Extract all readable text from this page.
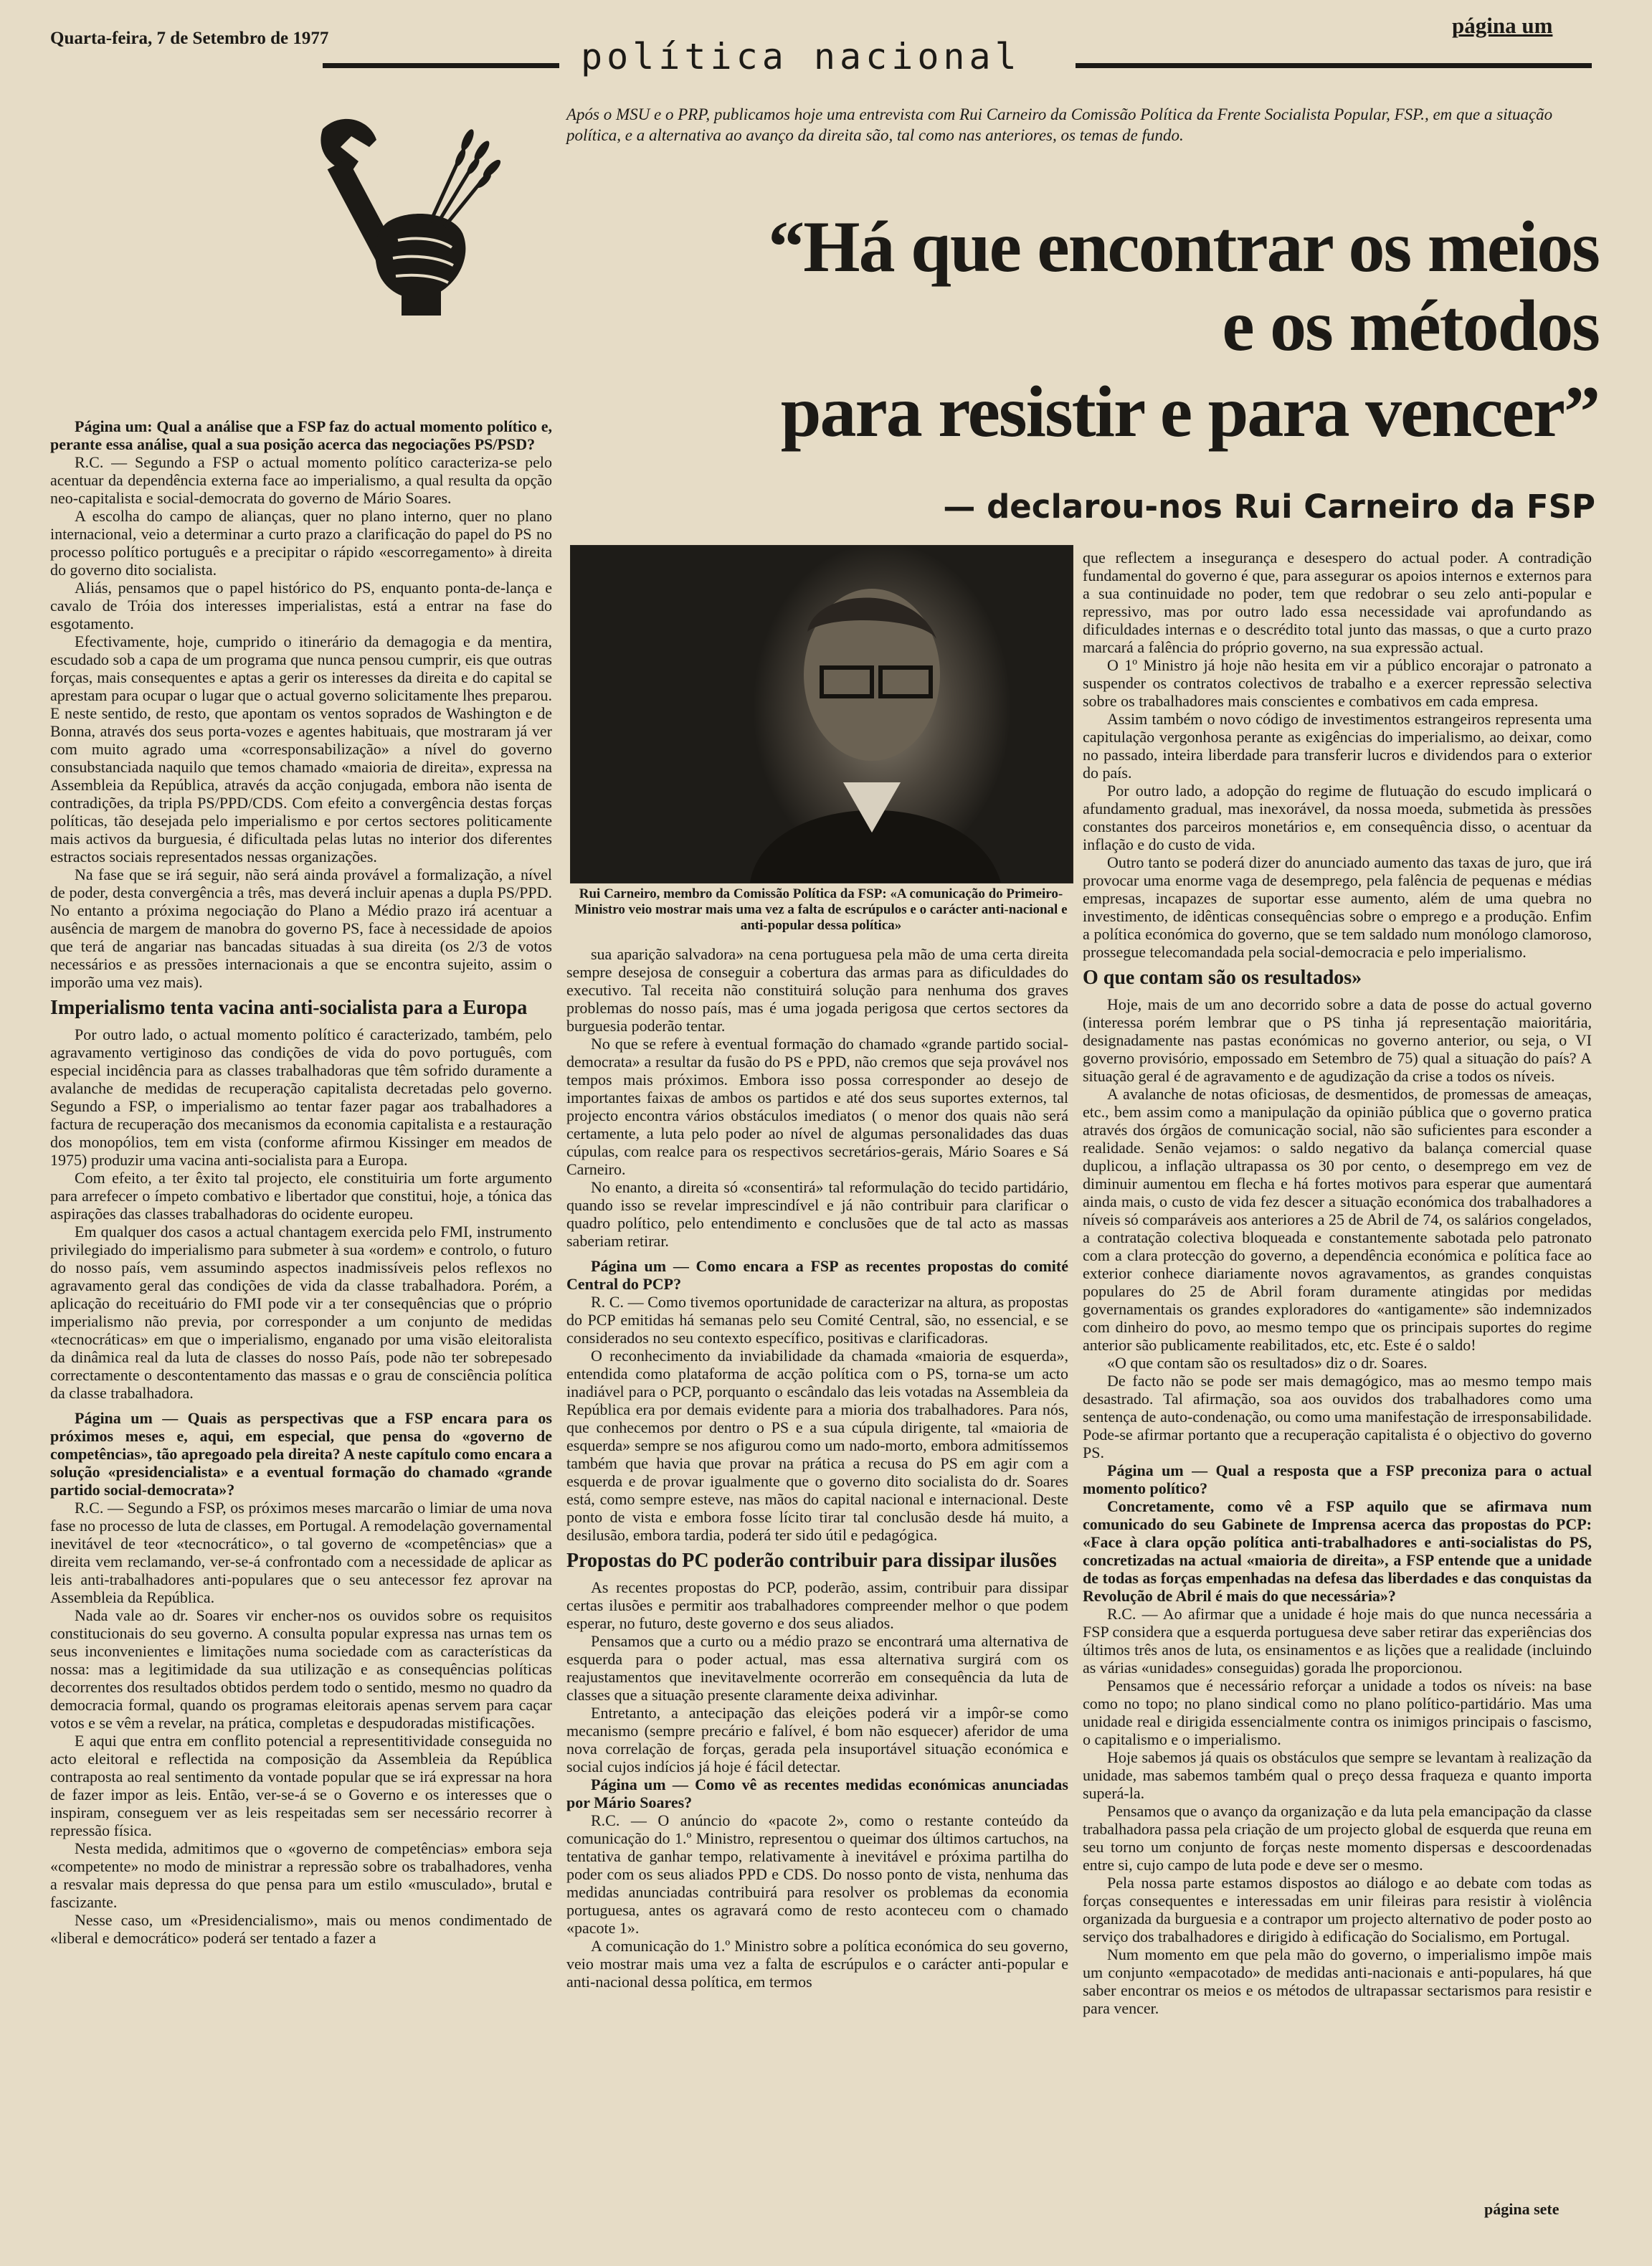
Quarta-feira, 7 de Setembro de 1977	política nacional
página um
Após o MSU e o PRP, publicamos hoje uma entrevista com Rui Carneiro da Comissão Política da Frente Socialista Popular, FSP., em que a situação política, e a alternativa ao avanço da direita são, tal como nas anteriores, os temas de fundo.
“Há que encontrar os meios
e os métodos
para resistir e para vencer”
— declarou-nos Rui Carneiro da FSP
Rui Carneiro, membro da Comissão Política da FSP: «A comunicação do Primeiro-Ministro veio mostrar mais uma vez a falta de escrúpulos e o carácter anti-nacional e anti-popular dessa política»

Página um: Qual a análise que a FSP faz do actual momento político e, perante essa análise, qual a sua posição acerca das negociações PS/PSD?

R.C. — Segundo a FSP o actual momento político caracteriza-se pelo acentuar da dependência externa face ao imperialismo, a qual resulta da opção neo-capitalista e social-democrata do governo de Mário Soares.

A escolha do campo de alianças, quer no plano interno, quer no plano internacional, veio a determinar a curto prazo a clarificação do papel do PS no processo político português e a precipitar o rápido «escorregamento» à direita do governo dito socialista.

Aliás, pensamos que o papel histórico do PS, enquanto ponta-de-lança e cavalo de Tróia dos interesses imperialistas, está a entrar na fase do esgotamento.

Efectivamente, hoje, cumprido o itinerário da demagogia e da mentira, escudado sob a capa de um programa que nunca pensou cumprir, eis que outras forças, mais consequentes e aptas a gerir os interesses da direita e do capital se aprestam para ocupar o lugar que o actual governo solicitamente lhes preparou. E neste sentido, de resto, que apontam os ventos soprados de Washington e de Bonna, através dos seus porta-vozes e agentes habituais, que mostraram já ver com muito agrado uma «corresponsabilização» a nível do governo consubstanciada naquilo que temos chamado «maioria de direita», expressa na Assembleia da República, através da acção conjugada, embora não isenta de contradições, da tripla PS/PPD/CDS. Com efeito a convergência destas forças políticas, tão desejada pelo imperialismo e por certos sectores politicamente mais activos da burguesia, é dificultada pelas lutas no interior dos diferentes estractos sociais representados nessas organizações.

Na fase que se irá seguir, não será ainda provável a formalização, a nível de poder, desta convergência a três, mas deverá incluir apenas a dupla PS/PPD. No entanto a próxima negociação do Plano a Médio prazo irá acentuar a ausência de margem de manobra do governo PS, face à necessidade de apoios que terá de angariar nas bancadas situadas à sua direita (os 2/3 de votos necessários e as pressões internacionais a que se encontra sujeito, assim o imporão uma vez mais).

Imperialismo tenta vacina anti-socialista para a Europa

Por outro lado, o actual momento político é caracterizado, também, pelo agravamento vertiginoso das condições de vida do povo português, com especial incidência para as classes trabalhadoras que têm sofrido duramente a avalanche de medidas de recuperação capitalista decretadas pelo governo. Segundo a FSP, o imperialismo ao tentar fazer pagar aos trabalhadores a factura de recuperação dos mecanismos da economia capitalista e a restauração dos monopólios, tem em vista (conforme afirmou Kissinger em meados de 1975) produzir uma vacina anti-socialista para a Europa.

Com efeito, a ter êxito tal projecto, ele constituiria um forte argumento para arrefecer o ímpeto combativo e libertador que constitui, hoje, a tónica das aspirações das classes trabalhadoras do ocidente europeu.

Em qualquer dos casos a actual chantagem exercida pelo FMI, instrumento privilegiado do imperialismo para submeter à sua «ordem» e controlo, o futuro do nosso país, vem assumindo aspectos inadmissíveis pelos reflexos no agravamento geral das condições de vida da classe trabalhadora. Porém, a aplicação do receituário do FMI pode vir a ter consequências que o próprio imperialismo não previa, por corresponder a um conjunto de medidas «tecnocráticas» em que o imperialismo, enganado por uma visão eleitoralista da dinâmica real da luta de classes do nosso País, pode não ter sobrepesado correctamente o descontentamento das massas e o grau de consciência política da classe trabalhadora.

Página um — Quais as perspectivas que a FSP encara para os próximos meses e, aqui, em especial, que pensa do «governo de competências», tão apregoado pela direita? A neste capítulo como encara a solução «presidencialista» e a eventual formação do chamado «grande partido social-democrata»?

R.C. — Segundo a FSP, os próximos meses marcarão o limiar de uma nova fase no processo de luta de classes, em Portugal. A remodelação governamental inevitável de teor «tecnocrático», o tal governo de «competências» que a direita vem reclamando, ver-se-á confrontado com a necessidade de aplicar as leis anti-trabalhadores anti-populares que o seu antecessor fez aprovar na Assembleia da República.

Nada vale ao dr. Soares vir encher-nos os ouvidos sobre os requisitos constitucionais do seu governo. A consulta popular expressa nas urnas tem os seus inconvenientes e limitações numa sociedade com as características da nossa: mas a legitimidade da sua utilização e as consequências políticas decorrentes dos resultados obtidos perdem todo o sentido, mesmo no quadro da democracia formal, quando os programas eleitorais apenas servem para caçar votos e se vêm a revelar, na prática, completas e despudoradas mistificações.

E aqui que entra em conflito potencial a representitividade conseguida no acto eleitoral e reflectida na composição da Assembleia da República contraposta ao real sentimento da vontade popular que se irá expressar na hora de fazer impor as leis. Então, ver-se-á se o Governo e os interesses que o inspiram, conseguem ver as leis respeitadas sem ser necessário recorrer à repressão física.

Nesta medida, admitimos que o «governo de competências» embora seja «competente» no modo de ministrar a repressão sobre os trabalhadores, venha a resvalar mais depressa do que pensa para um estilo «musculado», brutal e fascizante.

Nesse caso, um «Presidencialismo», mais ou menos condimentado de «liberal e democrático» poderá ser tentado a fazer a

sua aparição salvadora» na cena portuguesa pela mão de uma certa direita sempre desejosa de conseguir a cobertura das armas para as dificuldades do executivo. Tal receita não constituirá solução para nenhuma dos graves problemas do nosso país, mas é uma jogada perigosa que certos sectores da burguesia poderão tentar.

No que se refere à eventual formação do chamado «grande partido social-democrata» a resultar da fusão do PS e PPD, não cremos que seja provável nos tempos mais próximos. Embora isso possa corresponder ao desejo de importantes faixas de ambos os partidos e até dos seus suportes externos, tal projecto encontra vários obstáculos imediatos ( o menor dos quais não será certamente, a luta pelo poder ao nível de algumas personalidades das duas cúpulas, com realce para os respectivos secretários-gerais, Mário Soares e Sá Carneiro.

No enanto, a direita só «consentirá» tal reformulação do tecido partidário, quando isso se revelar imprescindível e já não contribuir para clarificar o quadro político, pelo entendimento e conclusões que de tal acto as massas saberiam retirar.

Página um — Como encara a FSP as recentes propostas do comité Central do PCP?

R. C. — Como tivemos oportunidade de caracterizar na altura, as propostas do PCP emitidas há semanas pelo seu Comité Central, são, no essencial, e se considerados no seu contexto específico, positivas e clarificadoras.

O reconhecimento da inviabilidade da chamada «maioria de esquerda», entendida como plataforma de acção política com o PS, torna-se um acto inadiável para o PCP, porquanto o escândalo das leis votadas na Assembleia da República era por demais evidente para a mioria dos trabalhadores. Para nós, que conhecemos por dentro o PS e a sua cúpula dirigente, tal «maioria de esquerda» sempre se nos afigurou como um nado-morto, embora admitíssemos também que havia que provar na prática a recusa do PS em agir com a esquerda e de provar igualmente que o governo dito socialista do dr. Soares está, como sempre esteve, nas mãos do capital nacional e internacional. Deste ponto de vista e embora fosse lícito tirar tal conclusão desde há muito, a desilusão, embora tardia, poderá ter sido útil e pedagógica.

Propostas do PC poderão contribuir para dissipar ilusões

As recentes propostas do PCP, poderão, assim, contribuir para dissipar certas ilusões e permitir aos trabalhadores compreender melhor o que podem esperar, no futuro, deste governo e dos seus aliados.

Pensamos que a curto ou a médio prazo se encontrará uma alternativa de esquerda para o poder actual, mas essa alternativa surgirá com os reajustamentos que inevitavelmente ocorrerão em consequência da luta de classes que a situação presente claramente deixa adivinhar.

Entretanto, a antecipação das eleições poderá vir a impôr-se como mecanismo (sempre precário e falível, é bom não esquecer) aferidor de uma nova correlação de forças, gerada pela insuportável situação económica e social cujos indícios já hoje é fácil detectar.

Página um — Como vê as recentes medidas económicas anunciadas por Mário Soares?

R.C. — O anúncio do «pacote 2», como o restante conteúdo da comunicação do 1.º Ministro, representou o queimar dos últimos cartuchos, na tentativa de ganhar tempo, relativamente à inevitável e próxima partilha do poder com os seus aliados PPD e CDS. Do nosso ponto de vista, nenhuma das medidas anunciadas contribuirá para resolver os problemas da economia portuguesa, antes os agravará como de resto aconteceu com o chamado «pacote 1».

A comunicação do 1.º Ministro sobre a política económica do seu governo, veio mostrar mais uma vez a falta de escrúpulos e o carácter anti-popular e anti-nacional dessa política, em termos

que reflectem a insegurança e desespero do actual poder. A contradição fundamental do governo é que, para assegurar os apoios internos e externos para a sua continuidade no poder, tem que redobrar o seu zelo anti-popular e repressivo, mas por outro lado essa necessidade vai aprofundando as dificuldades internas e o descrédito total junto das massas, o que a curto prazo marcará a falência do próprio governo, na sua expressão actual.

O 1º Ministro já hoje não hesita em vir a público encorajar o patronato a suspender os contratos colectivos de trabalho e a exercer repressão selectiva sobre os trabalhadores mais conscientes e combativos em cada empresa.

Assim também o novo código de investimentos estrangeiros representa uma capitulação vergonhosa perante as exigências do imperialismo, ao deixar, como no passado, inteira liberdade para transferir lucros e dividendos para o exterior do país.

Por outro lado, a adopção do regime de flutuação do escudo implicará o afundamento gradual, mas inexorável, da nossa moeda, submetida às pressões constantes dos parceiros monetários e, em consequência disso, o acentuar da inflação e do custo de vida.

Outro tanto se poderá dizer do anunciado aumento das taxas de juro, que irá provocar uma enorme vaga de desemprego, pela falência de pequenas e médias empresas, incapazes de suportar esse aumento, além de uma quebra no investimento, de idênticas consequências sobre o emprego e a produção. Enfim a política económica do governo, que se tem saldado num monólogo clamoroso, prossegue telecomandada pela social-democracia e pelo imperialismo.

O que contam são os resultados»

Hoje, mais de um ano decorrido sobre a data de posse do actual governo (interessa porém lembrar que o PS tinha já representação maioritária, designadamente nas pastas económicas no governo anterior, ou seja, o VI governo provisório, empossado em Setembro de 75) qual a situação do país? A situação geral é de agravamento e de agudização da crise a todos os níveis.

A avalanche de notas oficiosas, de desmentidos, de promessas de ameaças, etc., bem assim como a manipulação da opinião pública que o governo pratica através dos órgãos de comunicação social, não são suficientes para esconder a realidade. Senão vejamos: o saldo negativo da balança comercial quase duplicou, a inflação ultrapassa os 30 por cento, o desemprego em vez de diminuir aumentou em flecha e há fortes motivos para esperar que aumentará ainda mais, o custo de vida fez descer a situação económica dos trabalhadores a níveis só comparáveis aos anteriores a 25 de Abril de 74, os salários congelados, a contratação colectiva bloqueada e constantemente sabotada pelo patronato com a clara protecção do governo, a dependência económica e política face ao exterior conhece diariamente novos agravamentos, as grandes conquistas populares do 25 de Abril foram duramente atingidas por medidas governamentais os grandes exploradores do «antigamente» são indemnizados com dinheiro do povo, ao mesmo tempo que os principais suportes do regime anterior são publicamente reabilitados, etc, etc. Este é o saldo!

«O que contam são os resultados» diz o dr. Soares.

De facto não se pode ser mais demagógico, mas ao mesmo tempo mais desastrado. Tal afirmação, soa aos ouvidos dos trabalhadores como uma sentença de auto-condenação, ou como uma manifestação de irresponsabilidade. Pode-se afirmar portanto que a recuperação capitalista é o objectivo do governo PS.

Página um — Qual a resposta que a FSP preconiza para o actual momento político?

Concretamente, como vê a FSP aquilo que se afirmava num comunicado do seu Gabinete de Imprensa acerca das propostas do PCP: «Face à clara opção política anti-trabalhadores e anti-socialistas do PS, concretizadas na actual «maioria de direita», a FSP entende que a unidade de todas as forças empenhadas na defesa das liberdades e das conquistas da Revolução de Abril é mais do que necessária»?

R.C. — Ao afirmar que a unidade é hoje mais do que nunca necessária a FSP considera que a esquerda portuguesa deve saber retirar das experiências dos últimos três anos de luta, os ensinamentos e as lições que a realidade (incluindo as várias «unidades» conseguidas) gorada lhe proporcionou.

Pensamos que é necessário reforçar a unidade a todos os níveis: na base como no topo; no plano sindical como no plano político-partidário. Mas uma unidade real e dirigida essencialmente contra os inimigos principais o fascismo, o capitalismo e o imperialismo.

Hoje sabemos já quais os obstáculos que sempre se levantam à realização da unidade, mas sabemos também qual o preço dessa fraqueza e quanto importa superá-la.

Pensamos que o avanço da organização e da luta pela emancipação da classe trabalhadora passa pela criação de um projecto global de esquerda que reuna em seu torno um conjunto de forças neste momento dispersas e descoordenadas entre si, cujo campo de luta pode e deve ser o mesmo.

Pela nossa parte estamos dispostos ao diálogo e ao debate com todas as forças consequentes e interessadas em unir fileiras para resistir à violência organizada da burguesia e a contrapor um projecto alternativo de poder posto ao serviço dos trabalhadores e dirigido à edificação do Socialismo, em Portugal.

Num momento em que pela mão do governo, o imperialismo impõe mais um conjunto «empacotado» de medidas anti-nacionais e anti-populares, há que saber encontrar os meios e os métodos de ultrapassar sectarismos para resistir e para vencer.

página sete
